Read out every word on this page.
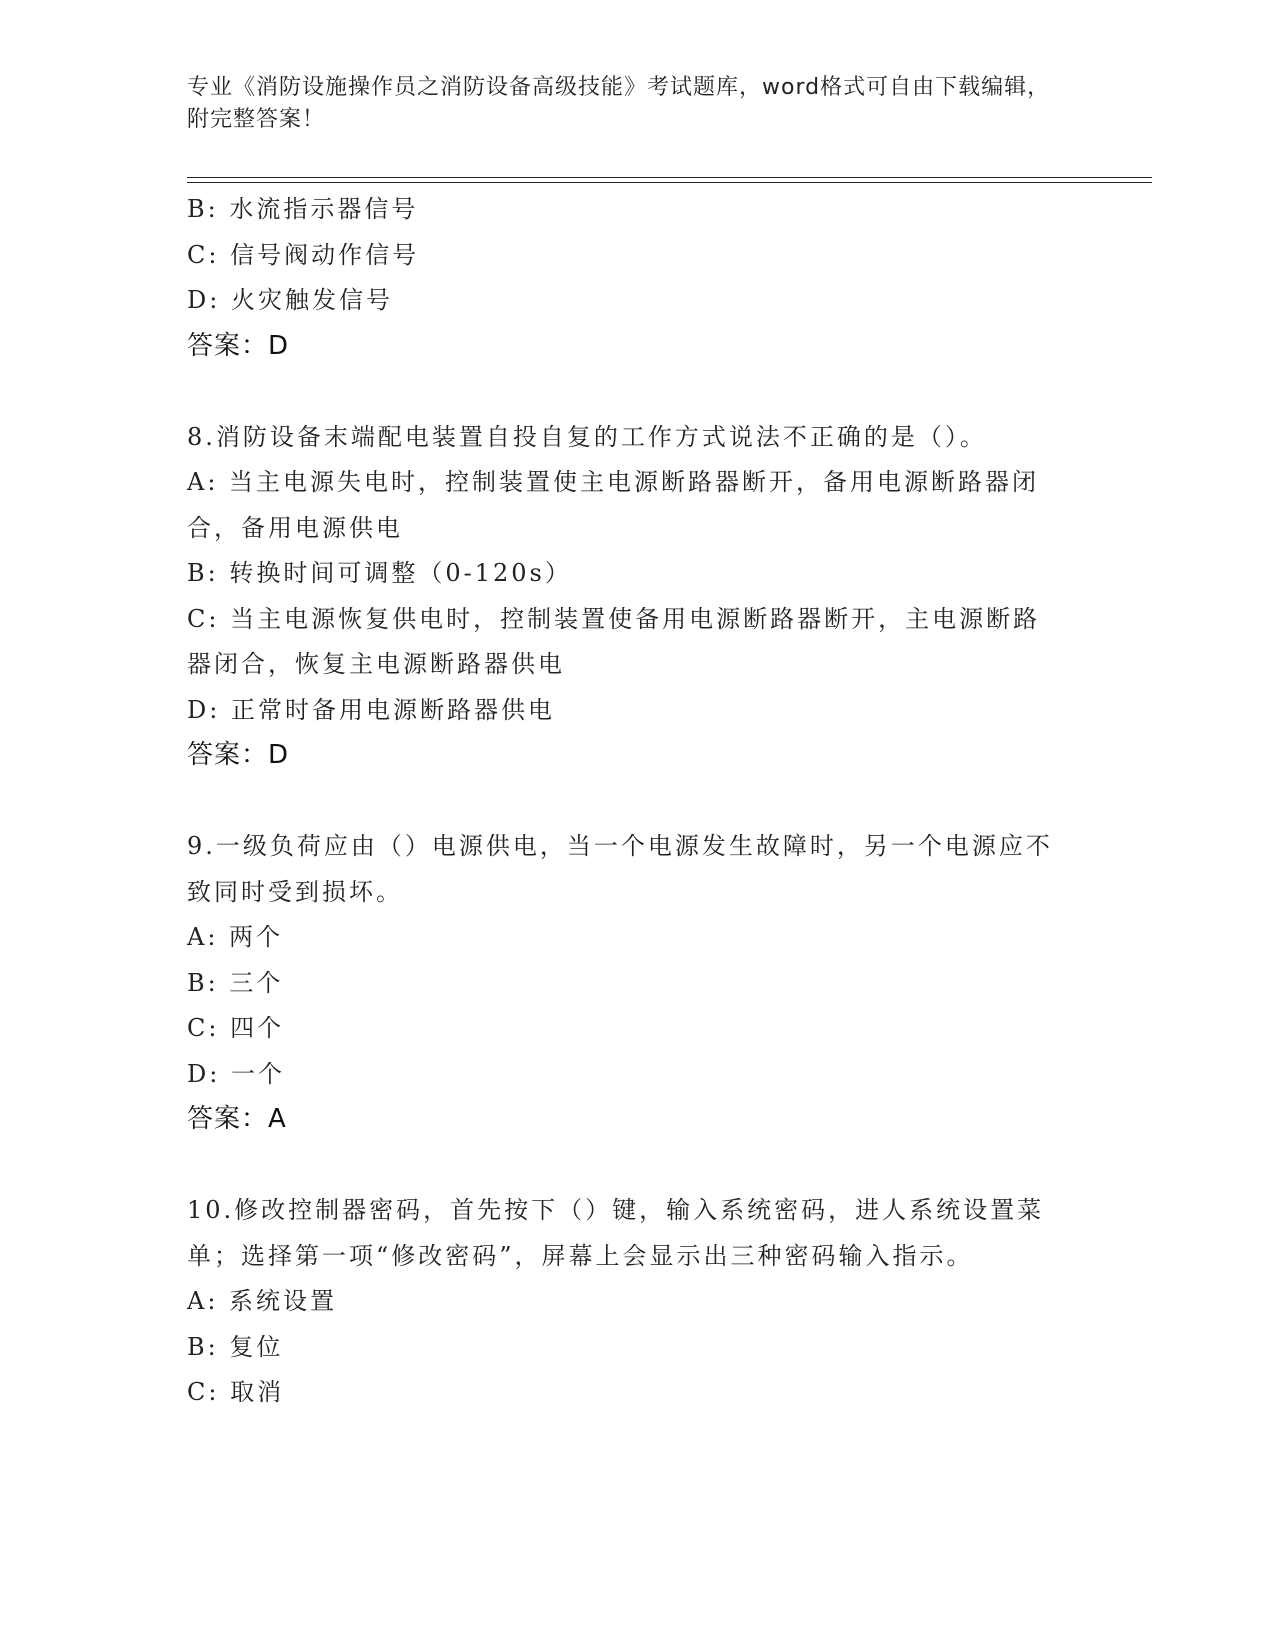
专业《消防设施操作员之消防设备高级技能》考试题库，word格式可自由下载编辑，附完整答案！
B: 水流指示器信号
C: 信号阀动作信号
D: 火灾触发信号
答案：D
8.消防设备末端配电装置自投自复的工作方式说法不正确的是（）。
A: 当主电源失电时，控制装置使主电源断路器断开，备用电源断路器闭合，备用电源供电
B: 转换时间可调整（0-120s）
C: 当主电源恢复供电时，控制装置使备用电源断路器断开，主电源断路器闭合，恢复主电源断路器供电
D: 正常时备用电源断路器供电
答案：D
9.一级负荷应由（）电源供电，当一个电源发生故障时，另一个电源应不致同时受到损坏。
A: 两个
B: 三个
C: 四个
D: 一个
答案：A
10.修改控制器密码，首先按下（）键，输入系统密码，进人系统设置菜单；选择第一项“修改密码”，屏幕上会显示出三种密码输入指示。
A: 系统设置
B: 复位
C: 取消
